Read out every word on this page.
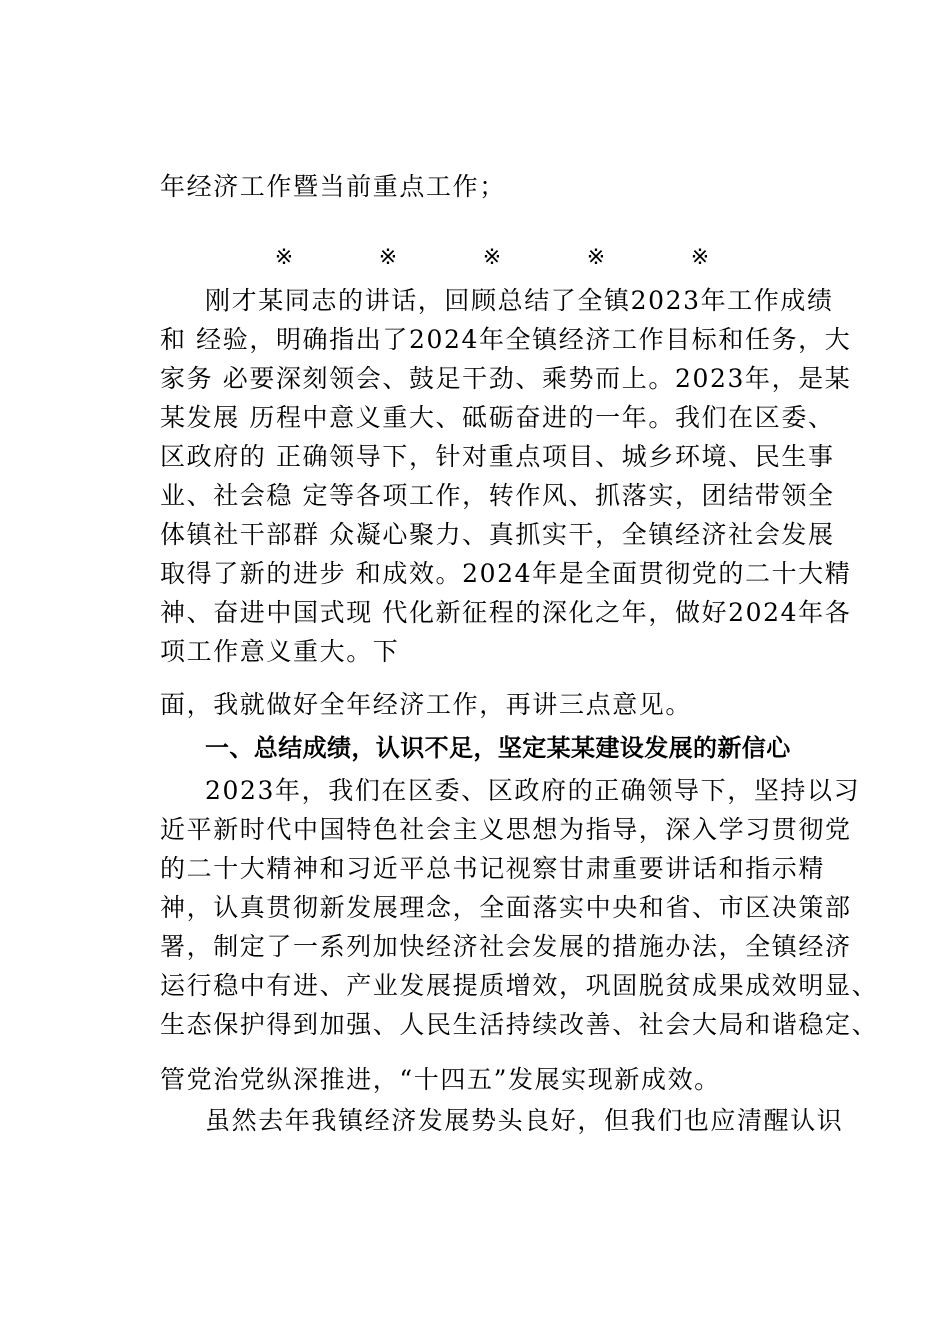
年经济工作暨当前重点工作；
※	※	※	※	※
刚才某同志的讲话，回顾总结了全镇2023年工作成绩
和 经验，明确指出了2024年全镇经济工作目标和任务，大
家务 必要深刻领会、鼓足干劲、乘势而上。2023年，是某
某发展 历程中意义重大、砥砺奋进的一年。我们在区委、
区政府的 正确领导下，针对重点项目、城乡环境、民生事
业、社会稳 定等各项工作，转作风、抓落实，团结带领全
体镇社干部群 众凝心聚力、真抓实干，全镇经济社会发展
取得了新的进步 和成效。2024年是全面贯彻党的二十大精
神、奋进中国式现 代化新征程的深化之年，做好2024年各
项工作意义重大。下
面，我就做好全年经济工作，再讲三点意见。
一、总结成绩，认识不足，坚定某某建设发展的新信心
2023年，我们在区委、区政府的正确领导下，坚持以习
近平新时代中国特色社会主义思想为指导，深入学习贯彻党
的二十大精神和习近平总书记视察甘肃重要讲话和指示精
神，认真贯彻新发展理念，全面落实中央和省、市区决策部
署，制定了一系列加快经济社会发展的措施办法，全镇经济
运行稳中有进、产业发展提质增效，巩固脱贫成果成效明显、
生态保护得到加强、人民生活持续改善、社会大局和谐稳定、
管党治党纵深推进，“十四五”发展实现新成效。
虽然去年我镇经济发展势头良好，但我们也应清醒认识
